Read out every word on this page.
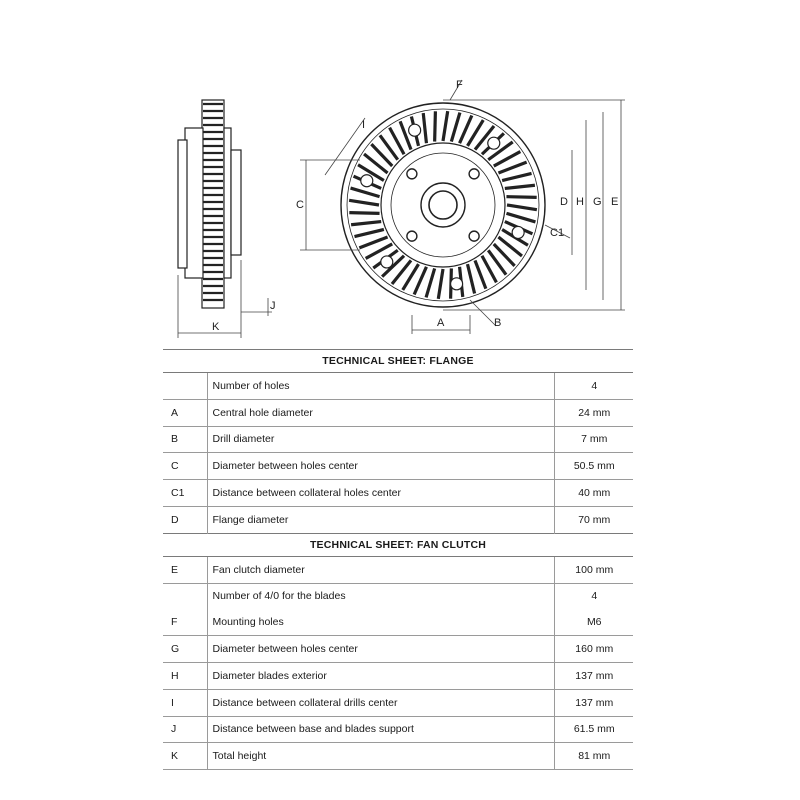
K
J
C
I
F
A	B
C1
D H G E
TECHNICAL SHEET: FLANGE		
	Number of holes	4
A	Central hole diameter	24 mm
B	Drill diameter	7 mm
C	Diameter between holes center	50.5 mm
C1	Distance between collateral holes center	40 mm
D	Flange diameter	70 mm
TECHNICAL SHEET: FAN CLUTCH		
E	Fan clutch diameter	100 mm
	Number of 4/0 for the blades	4
F	Mounting holes	M6
G	Diameter between holes center	160 mm
H	Diameter blades exterior	137 mm
I	Distance between collateral drills center	137 mm
J	Distance between base and blades support	61.5 mm
K	Total height	81 mm
